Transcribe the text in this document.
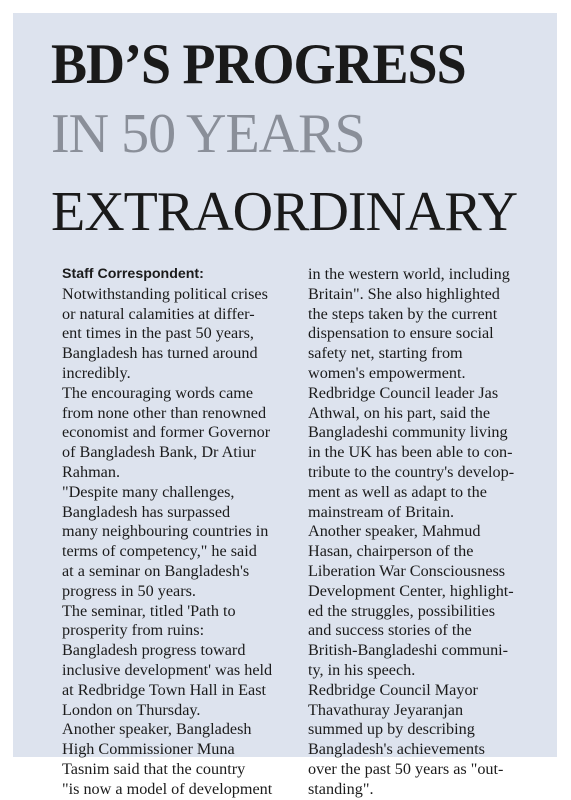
BD’S PROGRESS
IN 50 YEARS
EXTRAORDINARY
Staff Correspondent:

Notwithstanding political crises
or natural calamities at differ-
ent times in the past 50 years,
Bangladesh has turned around
incredibly.

The encouraging words came
from none other than renowned
economist and former Governor
of Bangladesh Bank, Dr Atiur
Rahman.

"Despite many challenges,
Bangladesh has surpassed
many neighbouring countries in
terms of competency," he said
at a seminar on Bangladesh's
progress in 50 years.

The seminar, titled 'Path to
prosperity from ruins:
Bangladesh progress toward
inclusive development' was held
at Redbridge Town Hall in East
London on Thursday.

Another speaker, Bangladesh
High Commissioner Muna
Tasnim said that the country
"is now a model of development

in the western world, including
Britain". She also highlighted
the steps taken by the current
dispensation to ensure social
safety net, starting from
women's empowerment.

Redbridge Council leader Jas
Athwal, on his part, said the
Bangladeshi community living
in the UK has been able to con-
tribute to the country's develop-
ment as well as adapt to the
mainstream of Britain.

Another speaker, Mahmud
Hasan, chairperson of the
Liberation War Consciousness
Development Center, highlight-
ed the struggles, possibilities
and success stories of the
British-Bangladeshi communi-
ty, in his speech.

Redbridge Council Mayor
Thavathuray Jeyaranjan
summed up by describing
Bangladesh's achievements
over the past 50 years as "out-
standing".
